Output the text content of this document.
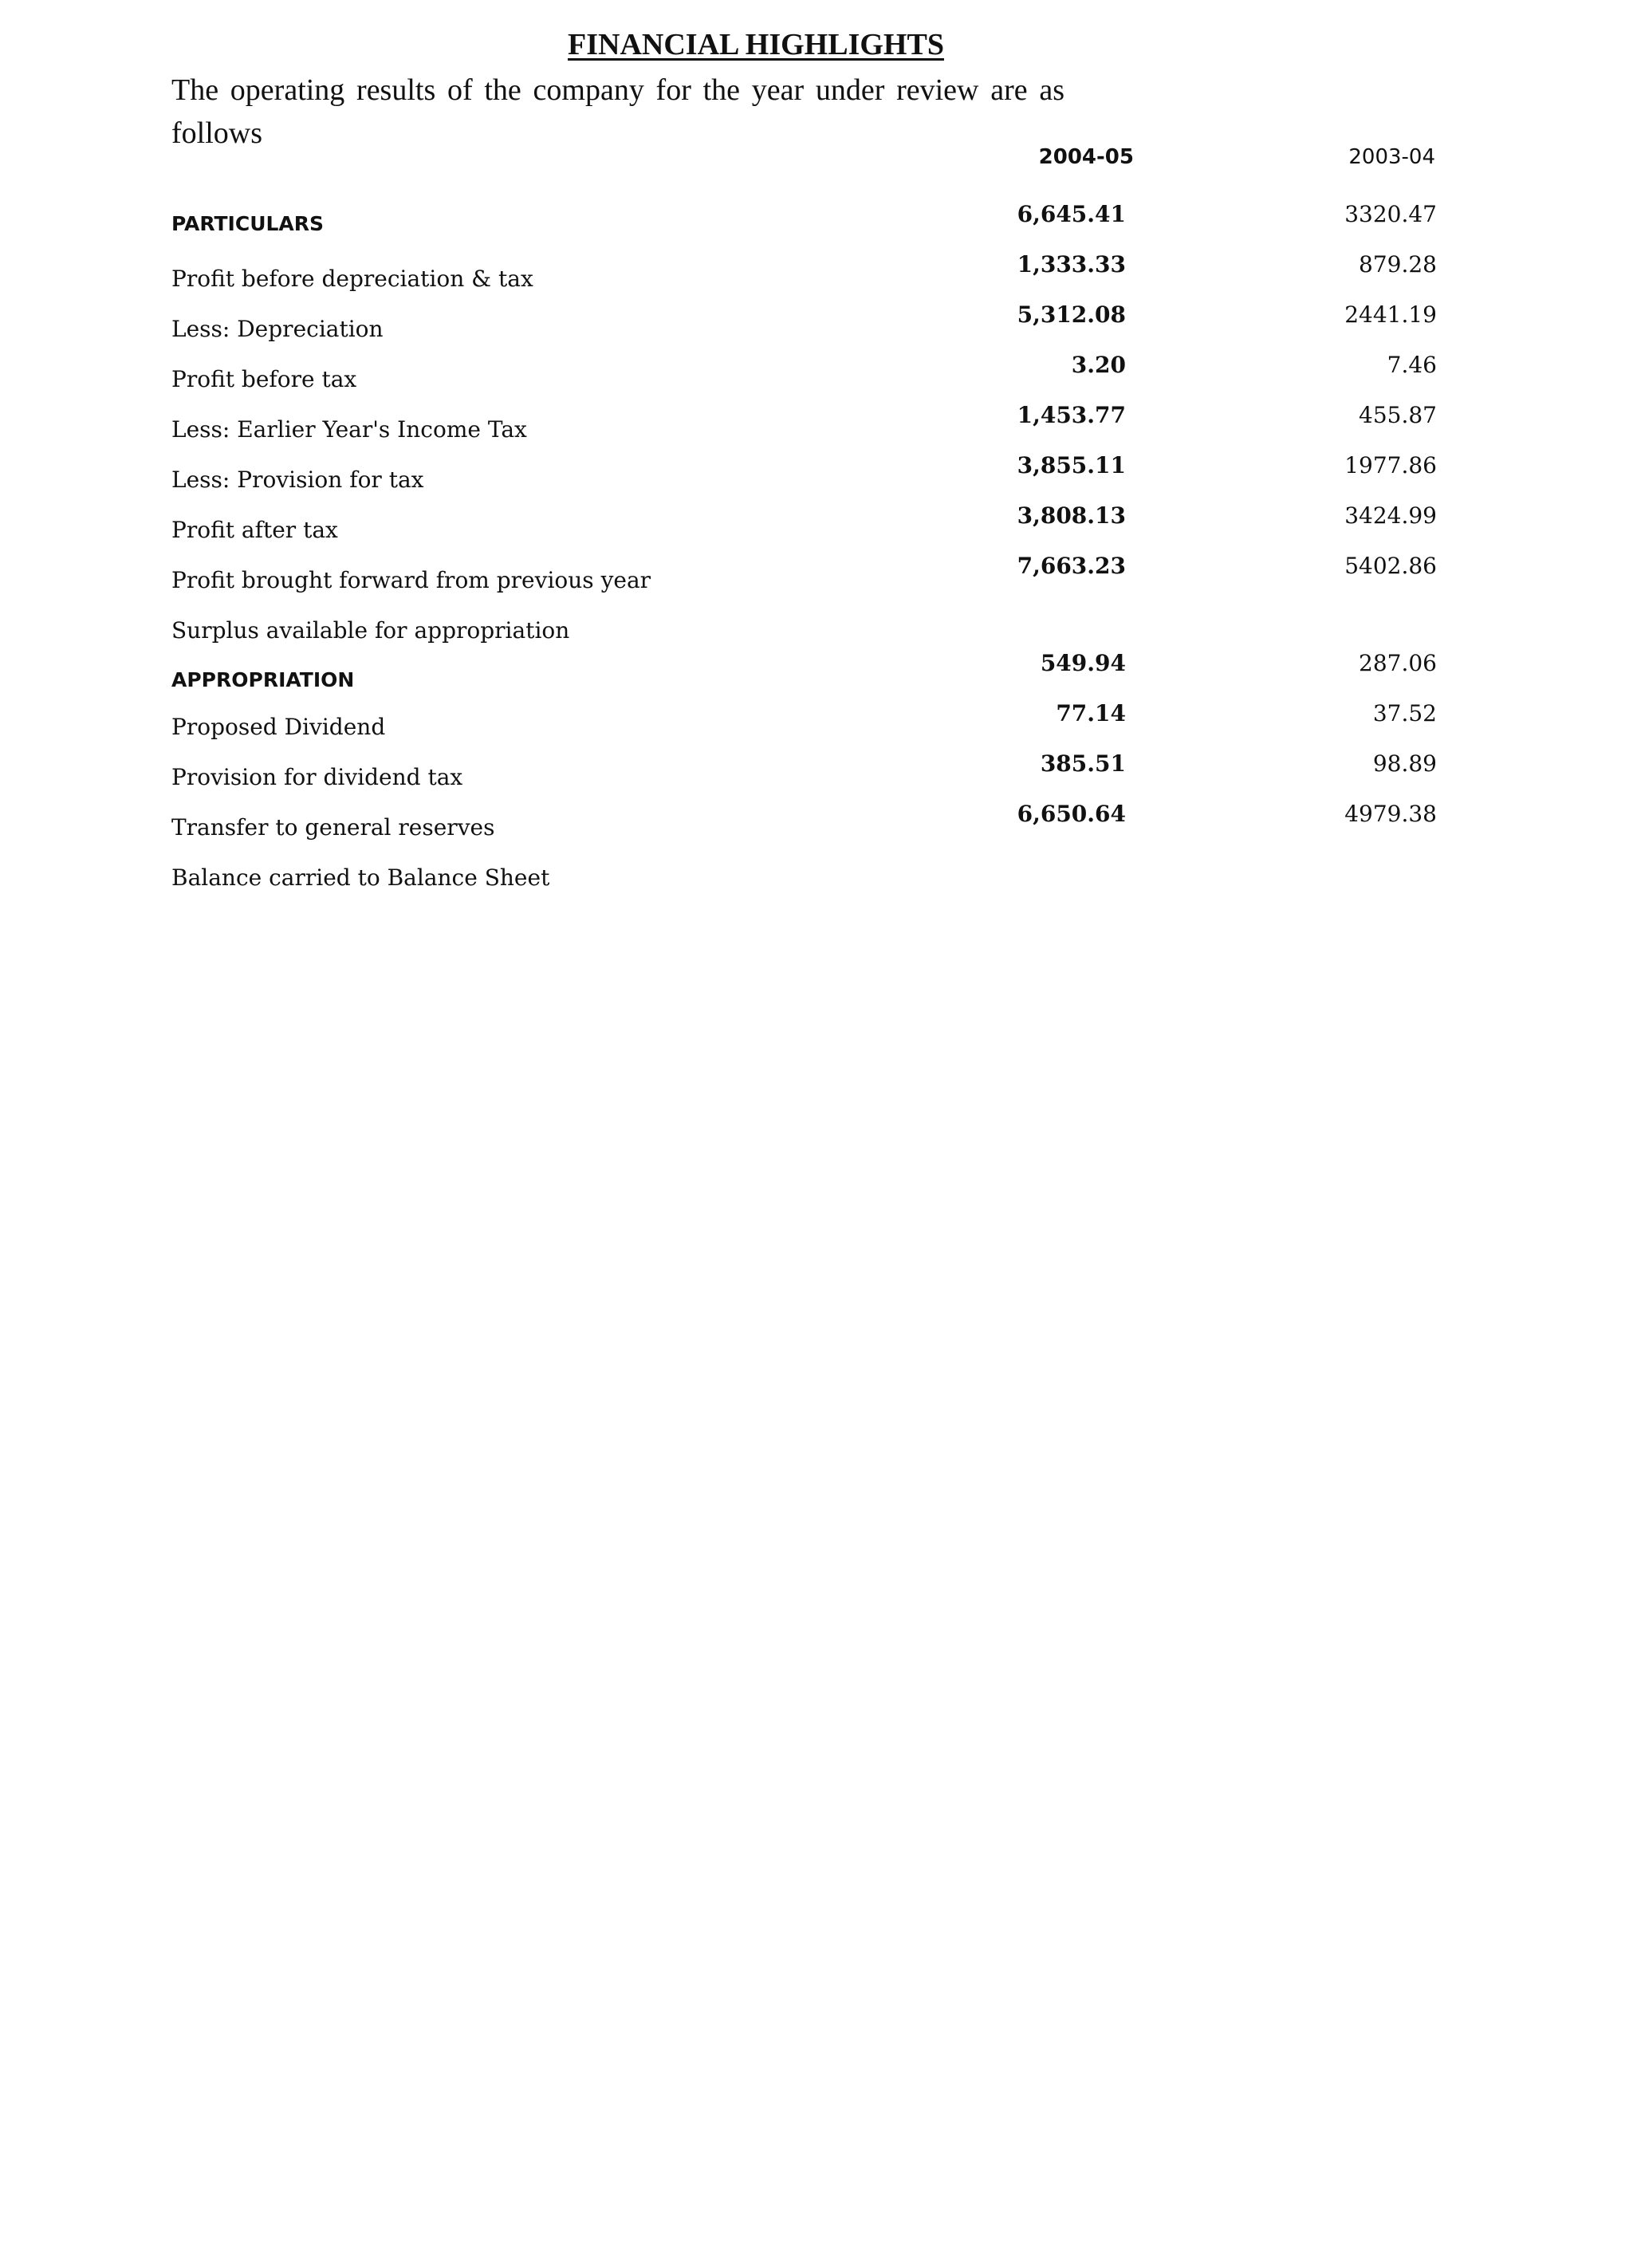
FINANCIAL HIGHLIGHTS
The operating results of the company for the year under review are as follows
2004-05	2003-04
PARTICULARS
Profit before depreciation & tax
Less: Depreciation
Profit before tax
Less: Earlier Year's Income Tax
Less: Provision for tax
Profit after tax
Profit brought forward from previous year
Surplus available for appropriation
APPROPRIATION
Proposed Dividend
Provision for dividend tax
Transfer to general reserves
Balance carried to Balance Sheet
6,645.41
1,333.33
5,312.08
3.20
1,453.77
3,855.11
3,808.13
7,663.23
549.94
77.14
385.51
6,650.64
3320.47
879.28
2441.19
7.46
455.87
1977.86
3424.99
5402.86
287.06
37.52
98.89
4979.38
